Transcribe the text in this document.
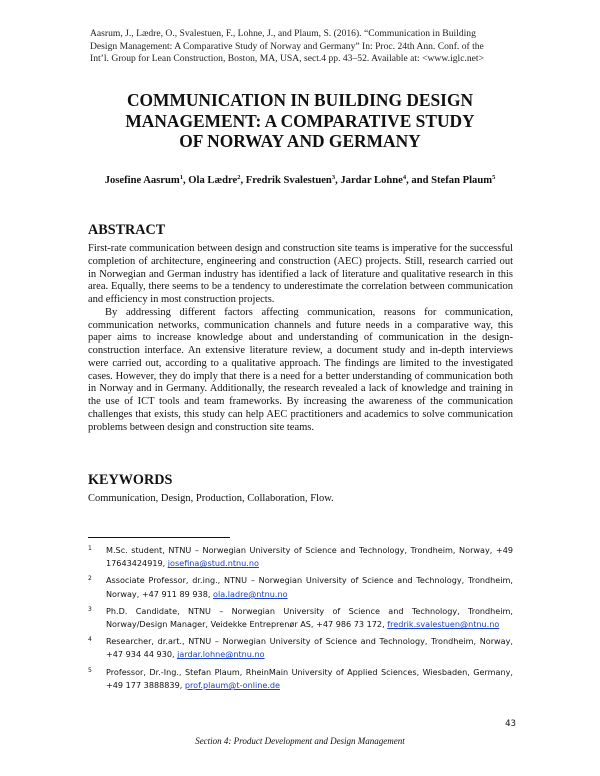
Aasrum, J., Lædre, O., Svalestuen, F., Lohne, J., and Plaum, S. (2016). “Communication in Building
Design Management: A Comparative Study of Norway and Germany” In: Proc. 24th Ann. Conf. of the
Int’l. Group for Lean Construction, Boston, MA, USA, sect.4 pp. 43–52. Available at: <www.iglc.net>
COMMUNICATION IN BUILDING DESIGN
MANAGEMENT: A COMPARATIVE STUDY
OF NORWAY AND GERMANY
Josefine Aasrum$^1$, Ola Lædre$^2$, Fredrik Svalestuen$^3$, Jardar Lohne$^4$, and Stefan Plaum$^5$
ABSTRACT

First-rate communication between design and construction site teams is imperative for the successful completion of architecture, engineering and construction (AEC) projects. Still, research carried out in Norwegian and German industry has identified a lack of literature and qualitative research in this area. Equally, there seems to be a tendency to underestimate the correlation between communication and efficiency in most construction projects.

By addressing different factors affecting communication, reasons for communication, communication networks, communication channels and future needs in a comparative way, this paper aims to increase knowledge about and understanding of communication in the design-construction interface. An extensive literature review, a document study and in-depth interviews were carried out, according to a qualitative approach. The findings are limited to the investigated cases. However, they do imply that there is a need for a better understanding of communication both in Norway and in Germany. Additionally, the research revealed a lack of knowledge and training in the use of ICT tools and team frameworks. By increasing the awareness of the communication challenges that exists, this study can help AEC practitioners and academics to solve communication problems between design and construction site teams.

KEYWORDS
Communication, Design, Production, Collaboration, Flow.
1 M.Sc. student, NTNU – Norwegian University of Science and Technology, Trondheim, Norway, +49 17643424919, josefina@stud.ntnu.no
2 Associate Professor, dr.ing., NTNU – Norwegian University of Science and Technology, Trondheim, Norway, +47 911 89 938, ola.ladre@ntnu.no
3 Ph.D. Candidate, NTNU – Norwegian University of Science and Technology, Trondheim, Norway/Design Manager, Veidekke Entreprenør AS, +47 986 73 172, fredrik.svalestuen@ntnu.no
4 Researcher, dr.art., NTNU – Norwegian University of Science and Technology, Trondheim, Norway, +47 934 44 930, jardar.lohne@ntnu.no
5 Professor, Dr.-Ing., Stefan Plaum, RheinMain University of Applied Sciences, Wiesbaden, Germany, +49 177 3888839, prof.plaum@t-online.de
43
Section 4: Product Development and Design Management
